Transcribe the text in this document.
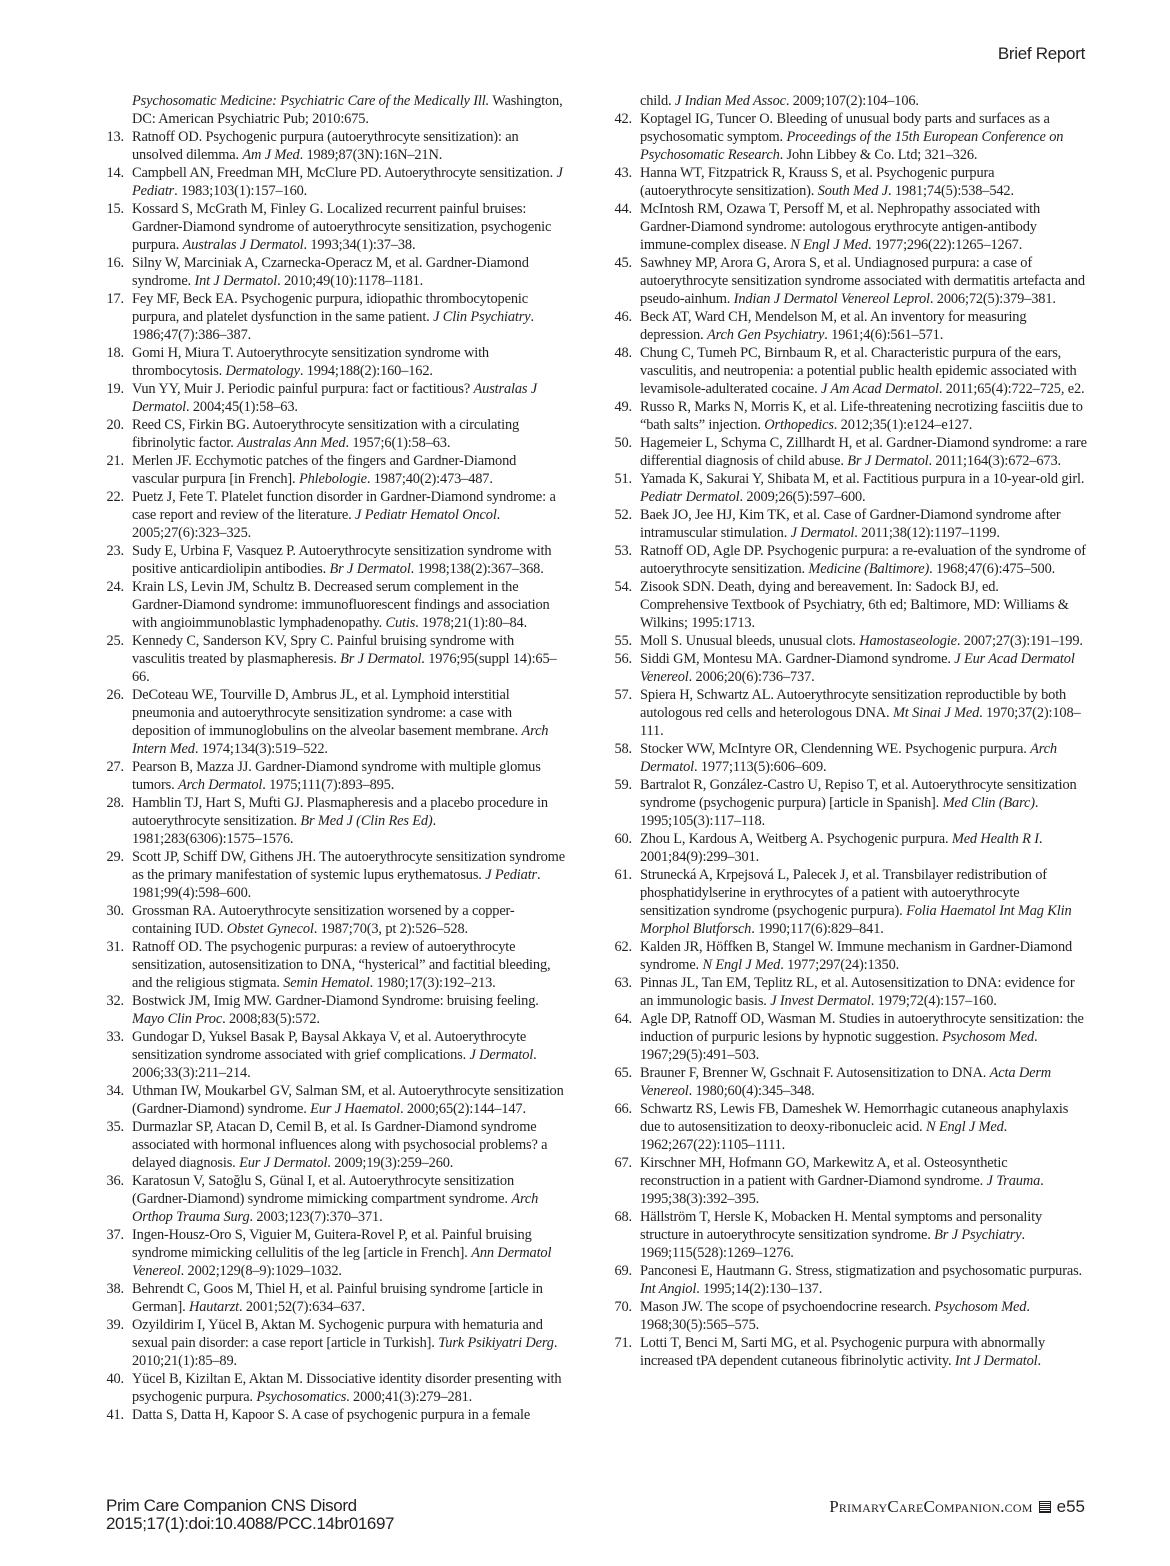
Brief Report
Psychosomatic Medicine: Psychiatric Care of the Medically Ill. Washington, DC: American Psychiatric Pub; 2010:675.
13. Ratnoff OD. Psychogenic purpura (autoerythrocyte sensitization): an unsolved dilemma. Am J Med. 1989;87(3N):16N–21N.
14. Campbell AN, Freedman MH, McClure PD. Autoerythrocyte sensitization. J Pediatr. 1983;103(1):157–160.
15. Kossard S, McGrath M, Finley G. Localized recurrent painful bruises: Gardner-Diamond syndrome of autoerythrocyte sensitization, psychogenic purpura. Australas J Dermatol. 1993;34(1):37–38.
16. Silny W, Marciniak A, Czarnecka-Operacz M, et al. Gardner-Diamond syndrome. Int J Dermatol. 2010;49(10):1178–1181.
17. Fey MF, Beck EA. Psychogenic purpura, idiopathic thrombocytopenic purpura, and platelet dysfunction in the same patient. J Clin Psychiatry. 1986;47(7):386–387.
18. Gomi H, Miura T. Autoerythrocyte sensitization syndrome with thrombocytosis. Dermatology. 1994;188(2):160–162.
19. Vun YY, Muir J. Periodic painful purpura: fact or factitious? Australas J Dermatol. 2004;45(1):58–63.
20. Reed CS, Firkin BG. Autoerythrocyte sensitization with a circulating fibrinolytic factor. Australas Ann Med. 1957;6(1):58–63.
21. Merlen JF. Ecchymotic patches of the fingers and Gardner-Diamond vascular purpura [in French]. Phlebologie. 1987;40(2):473–487.
22. Puetz J, Fete T. Platelet function disorder in Gardner-Diamond syndrome: a case report and review of the literature. J Pediatr Hematol Oncol. 2005;27(6):323–325.
23. Sudy E, Urbina F, Vasquez P. Autoerythrocyte sensitization syndrome with positive anticardiolipin antibodies. Br J Dermatol. 1998;138(2):367–368.
24. Krain LS, Levin JM, Schultz B. Decreased serum complement in the Gardner-Diamond syndrome: immunofluorescent findings and association with angioimmunoblastic lymphadenopathy. Cutis. 1978;21(1):80–84.
25. Kennedy C, Sanderson KV, Spry C. Painful bruising syndrome with vasculitis treated by plasmapheresis. Br J Dermatol. 1976;95(suppl 14):65–66.
26. DeCoteau WE, Tourville D, Ambrus JL, et al. Lymphoid interstitial pneumonia and autoerythrocyte sensitization syndrome: a case with deposition of immunoglobulins on the alveolar basement membrane. Arch Intern Med. 1974;134(3):519–522.
27. Pearson B, Mazza JJ. Gardner-Diamond syndrome with multiple glomus tumors. Arch Dermatol. 1975;111(7):893–895.
28. Hamblin TJ, Hart S, Mufti GJ. Plasmapheresis and a placebo procedure in autoerythrocyte sensitization. Br Med J (Clin Res Ed). 1981;283(6306):1575–1576.
29. Scott JP, Schiff DW, Githens JH. The autoerythrocyte sensitization syndrome as the primary manifestation of systemic lupus erythematosus. J Pediatr. 1981;99(4):598–600.
30. Grossman RA. Autoerythrocyte sensitization worsened by a copper-containing IUD. Obstet Gynecol. 1987;70(3, pt 2):526–528.
31. Ratnoff OD. The psychogenic purpuras: a review of autoerythrocyte sensitization, autosensitization to DNA, “hysterical” and factitial bleeding, and the religious stigmata. Semin Hematol. 1980;17(3):192–213.
32. Bostwick JM, Imig MW. Gardner-Diamond Syndrome: bruising feeling. Mayo Clin Proc. 2008;83(5):572.
33. Gundogar D, Yuksel Basak P, Baysal Akkaya V, et al. Autoerythrocyte sensitization syndrome associated with grief complications. J Dermatol. 2006;33(3):211–214.
34. Uthman IW, Moukarbel GV, Salman SM, et al. Autoerythrocyte sensitization (Gardner-Diamond) syndrome. Eur J Haematol. 2000;65(2):144–147.
35. Durmazlar SP, Atacan D, Cemil B, et al. Is Gardner-Diamond syndrome associated with hormonal influences along with psychosocial problems? a delayed diagnosis. Eur J Dermatol. 2009;19(3):259–260.
36. Karatosun V, Satoğlu S, Günal I, et al. Autoerythrocyte sensitization (Gardner-Diamond) syndrome mimicking compartment syndrome. Arch Orthop Trauma Surg. 2003;123(7):370–371.
37. Ingen-Housz-Oro S, Viguier M, Guitera-Rovel P, et al. Painful bruising syndrome mimicking cellulitis of the leg [article in French]. Ann Dermatol Venereol. 2002;129(8–9):1029–1032.
38. Behrendt C, Goos M, Thiel H, et al. Painful bruising syndrome [article in German]. Hautarzt. 2001;52(7):634–637.
39. Ozyildirim I, Yücel B, Aktan M. Sychogenic purpura with hematuria and sexual pain disorder: a case report [article in Turkish]. Turk Psikiyatri Derg. 2010;21(1):85–89.
40. Yücel B, Kiziltan E, Aktan M. Dissociative identity disorder presenting with psychogenic purpura. Psychosomatics. 2000;41(3):279–281.
41. Datta S, Datta H, Kapoor S. A case of psychogenic purpura in a female
child. J Indian Med Assoc. 2009;107(2):104–106.
42. Koptagel IG, Tuncer O. Bleeding of unusual body parts and surfaces as a psychosomatic symptom. Proceedings of the 15th European Conference on Psychosomatic Research. John Libbey & Co. Ltd; 321–326.
43. Hanna WT, Fitzpatrick R, Krauss S, et al. Psychogenic purpura (autoerythrocyte sensitization). South Med J. 1981;74(5):538–542.
44. McIntosh RM, Ozawa T, Persoff M, et al. Nephropathy associated with Gardner-Diamond syndrome: autologous erythrocyte antigen-antibody immune-complex disease. N Engl J Med. 1977;296(22):1265–1267.
45. Sawhney MP, Arora G, Arora S, et al. Undiagnosed purpura: a case of autoerythrocyte sensitization syndrome associated with dermatitis artefacta and pseudo-ainhum. Indian J Dermatol Venereol Leprol. 2006;72(5):379–381.
46. Beck AT, Ward CH, Mendelson M, et al. An inventory for measuring depression. Arch Gen Psychiatry. 1961;4(6):561–571.
48. Chung C, Tumeh PC, Birnbaum R, et al. Characteristic purpura of the ears, vasculitis, and neutropenia: a potential public health epidemic associated with levamisole-adulterated cocaine. J Am Acad Dermatol. 2011;65(4):722–725, e2.
49. Russo R, Marks N, Morris K, et al. Life-threatening necrotizing fasciitis due to “bath salts” injection. Orthopedics. 2012;35(1):e124–e127.
50. Hagemeier L, Schyma C, Zillhardt H, et al. Gardner-Diamond syndrome: a rare differential diagnosis of child abuse. Br J Dermatol. 2011;164(3):672–673.
51. Yamada K, Sakurai Y, Shibata M, et al. Factitious purpura in a 10-year-old girl. Pediatr Dermatol. 2009;26(5):597–600.
52. Baek JO, Jee HJ, Kim TK, et al. Case of Gardner-Diamond syndrome after intramuscular stimulation. J Dermatol. 2011;38(12):1197–1199.
53. Ratnoff OD, Agle DP. Psychogenic purpura: a re-evaluation of the syndrome of autoerythrocyte sensitization. Medicine (Baltimore). 1968;47(6):475–500.
54. Zisook SDN. Death, dying and bereavement. In: Sadock BJ, ed. Comprehensive Textbook of Psychiatry, 6th ed; Baltimore, MD: Williams & Wilkins; 1995:1713.
55. Moll S. Unusual bleeds, unusual clots. Hamostaseologie. 2007;27(3):191–199.
56. Siddi GM, Montesu MA. Gardner-Diamond syndrome. J Eur Acad Dermatol Venereol. 2006;20(6):736–737.
57. Spiera H, Schwartz AL. Autoerythrocyte sensitization reproductible by both autologous red cells and heterologous DNA. Mt Sinai J Med. 1970;37(2):108–111.
58. Stocker WW, McIntyre OR, Clendenning WE. Psychogenic purpura. Arch Dermatol. 1977;113(5):606–609.
59. Bartralot R, González-Castro U, Repiso T, et al. Autoerythrocyte sensitization syndrome (psychogenic purpura) [article in Spanish]. Med Clin (Barc). 1995;105(3):117–118.
60. Zhou L, Kardous A, Weitberg A. Psychogenic purpura. Med Health R I. 2001;84(9):299–301.
61. Strunecká A, Krpejsová L, Palecek J, et al. Transbilayer redistribution of phosphatidylserine in erythrocytes of a patient with autoerythrocyte sensitization syndrome (psychogenic purpura). Folia Haematol Int Mag Klin Morphol Blutforsch. 1990;117(6):829–841.
62. Kalden JR, Höffken B, Stangel W. Immune mechanism in Gardner-Diamond syndrome. N Engl J Med. 1977;297(24):1350.
63. Pinnas JL, Tan EM, Teplitz RL, et al. Autosensitization to DNA: evidence for an immunologic basis. J Invest Dermatol. 1979;72(4):157–160.
64. Agle DP, Ratnoff OD, Wasman M. Studies in autoerythrocyte sensitization: the induction of purpuric lesions by hypnotic suggestion. Psychosom Med. 1967;29(5):491–503.
65. Brauner F, Brenner W, Gschnait F. Autosensitization to DNA. Acta Derm Venereol. 1980;60(4):345–348.
66. Schwartz RS, Lewis FB, Dameshek W. Hemorrhagic cutaneous anaphylaxis due to autosensitization to deoxy-ribonucleic acid. N Engl J Med. 1962;267(22):1105–1111.
67. Kirschner MH, Hofmann GO, Markewitz A, et al. Osteosynthetic reconstruction in a patient with Gardner-Diamond syndrome. J Trauma. 1995;38(3):392–395.
68. Hällström T, Hersle K, Mobacken H. Mental symptoms and personality structure in autoerythrocyte sensitization syndrome. Br J Psychiatry. 1969;115(528):1269–1276.
69. Panconesi E, Hautmann G. Stress, stigmatization and psychosomatic purpuras. Int Angiol. 1995;14(2):130–137.
70. Mason JW. The scope of psychoendocrine research. Psychosom Med. 1968;30(5):565–575.
71. Lotti T, Benci M, Sarti MG, et al. Psychogenic purpura with abnormally increased tPA dependent cutaneous fibrinolytic activity. Int J Dermatol.
Prim Care Companion CNS Disord
2015;17(1):doi:10.4088/PCC.14br01697
PrimaryCareCompanion.com e55
